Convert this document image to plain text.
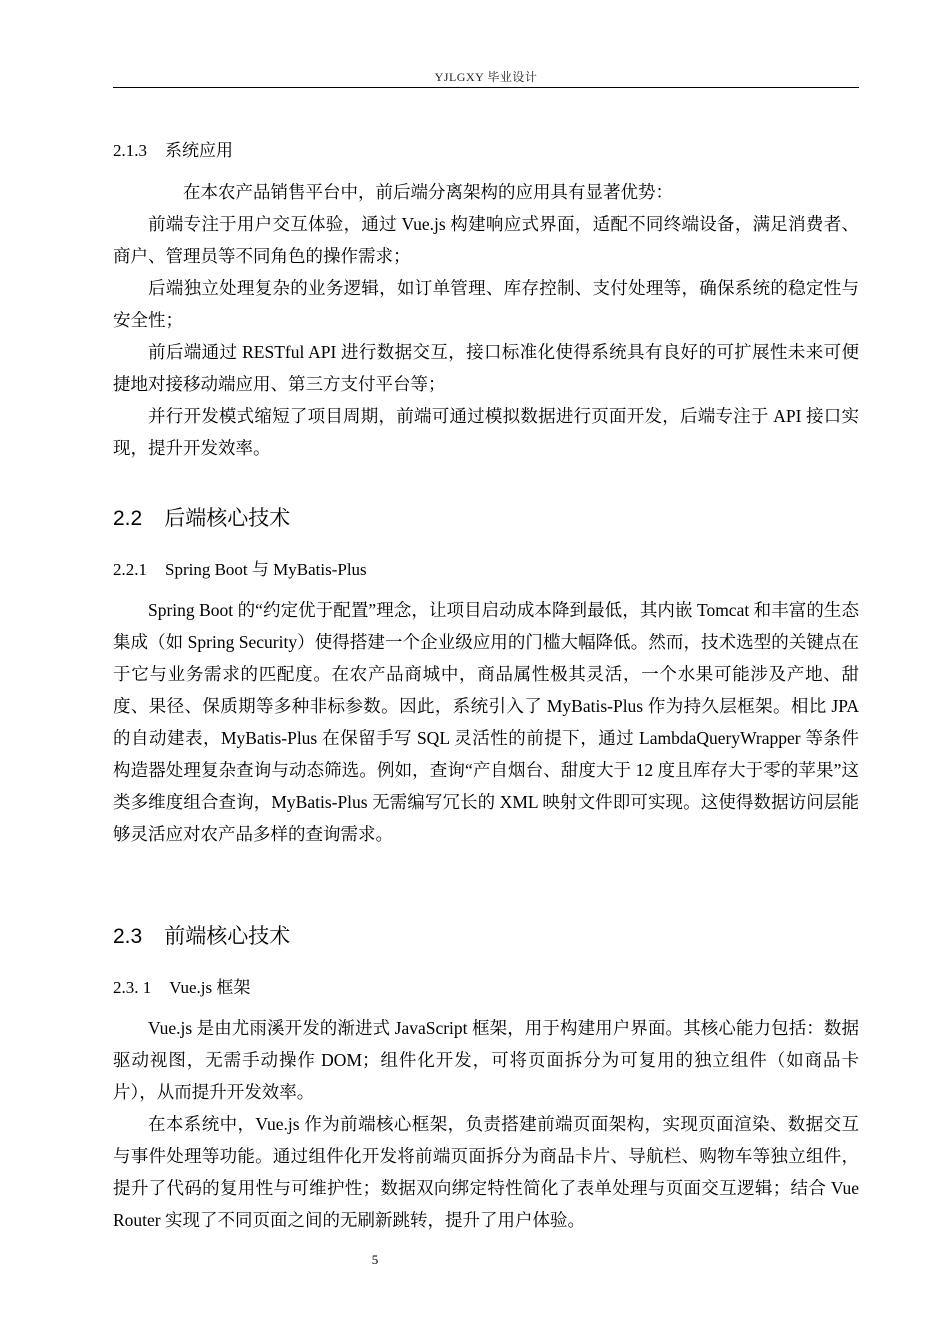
YJLGXY 毕业设计
2.1.3 系统应用

在本农产品销售平台中，前后端分离架构的应用具有显著优势：

前端专注于用户交互体验，通过 Vue.js 构建响应式界面，适配不同终端设备，满足消费者、商户、管理员等不同角色的操作需求；

后端独立处理复杂的业务逻辑，如订单管理、库存控制、支付处理等，确保系统的稳定性与安全性；

前后端通过 RESTful API 进行数据交互，接口标准化使得系统具有良好的可扩展性未来可便捷地对接移动端应用、第三方支付平台等；

并行开发模式缩短了项目周期，前端可通过模拟数据进行页面开发，后端专注于 API 接口实现，提升开发效率。

2.2 后端核心技术
2.2.1 Spring Boot 与 MyBatis-Plus

Spring Boot 的“约定优于配置”理念，让项目启动成本降到最低，其内嵌 Tomcat 和丰富的生态集成（如 Spring Security）使得搭建一个企业级应用的门槛大幅降低。然而，技术选型的关键点在于它与业务需求的匹配度。在农产品商城中，商品属性极其灵活，一个水果可能涉及产地、甜度、果径、保质期等多种非标参数。因此，系统引入了 MyBatis-Plus 作为持久层框架。相比 JPA 的自动建表，MyBatis-Plus 在保留手写 SQL 灵活性的前提下，通过 LambdaQueryWrapper 等条件构造器处理复杂查询与动态筛选。例如，查询“产自烟台、甜度大于 12 度且库存大于零的苹果”这类多维度组合查询，MyBatis-Plus 无需编写冗长的 XML 映射文件即可实现。这使得数据访问层能够灵活应对农产品多样的查询需求。

2.3 前端核心技术
2.3. 1 Vue.js 框架

Vue.js 是由尤雨溪开发的渐进式 JavaScript 框架，用于构建用户界面。其核心能力包括：数据驱动视图，无需手动操作 DOM；组件化开发，可将页面拆分为可复用的独立组件（如商品卡片），从而提升开发效率。

在本系统中，Vue.js 作为前端核心框架，负责搭建前端页面架构，实现页面渲染、数据交互与事件处理等功能。通过组件化开发将前端页面拆分为商品卡片、导航栏、购物车等独立组件，提升了代码的复用性与可维护性；数据双向绑定特性简化了表单处理与页面交互逻辑；结合 Vue Router 实现了不同页面之间的无刷新跳转，提升了用户体验。

5
